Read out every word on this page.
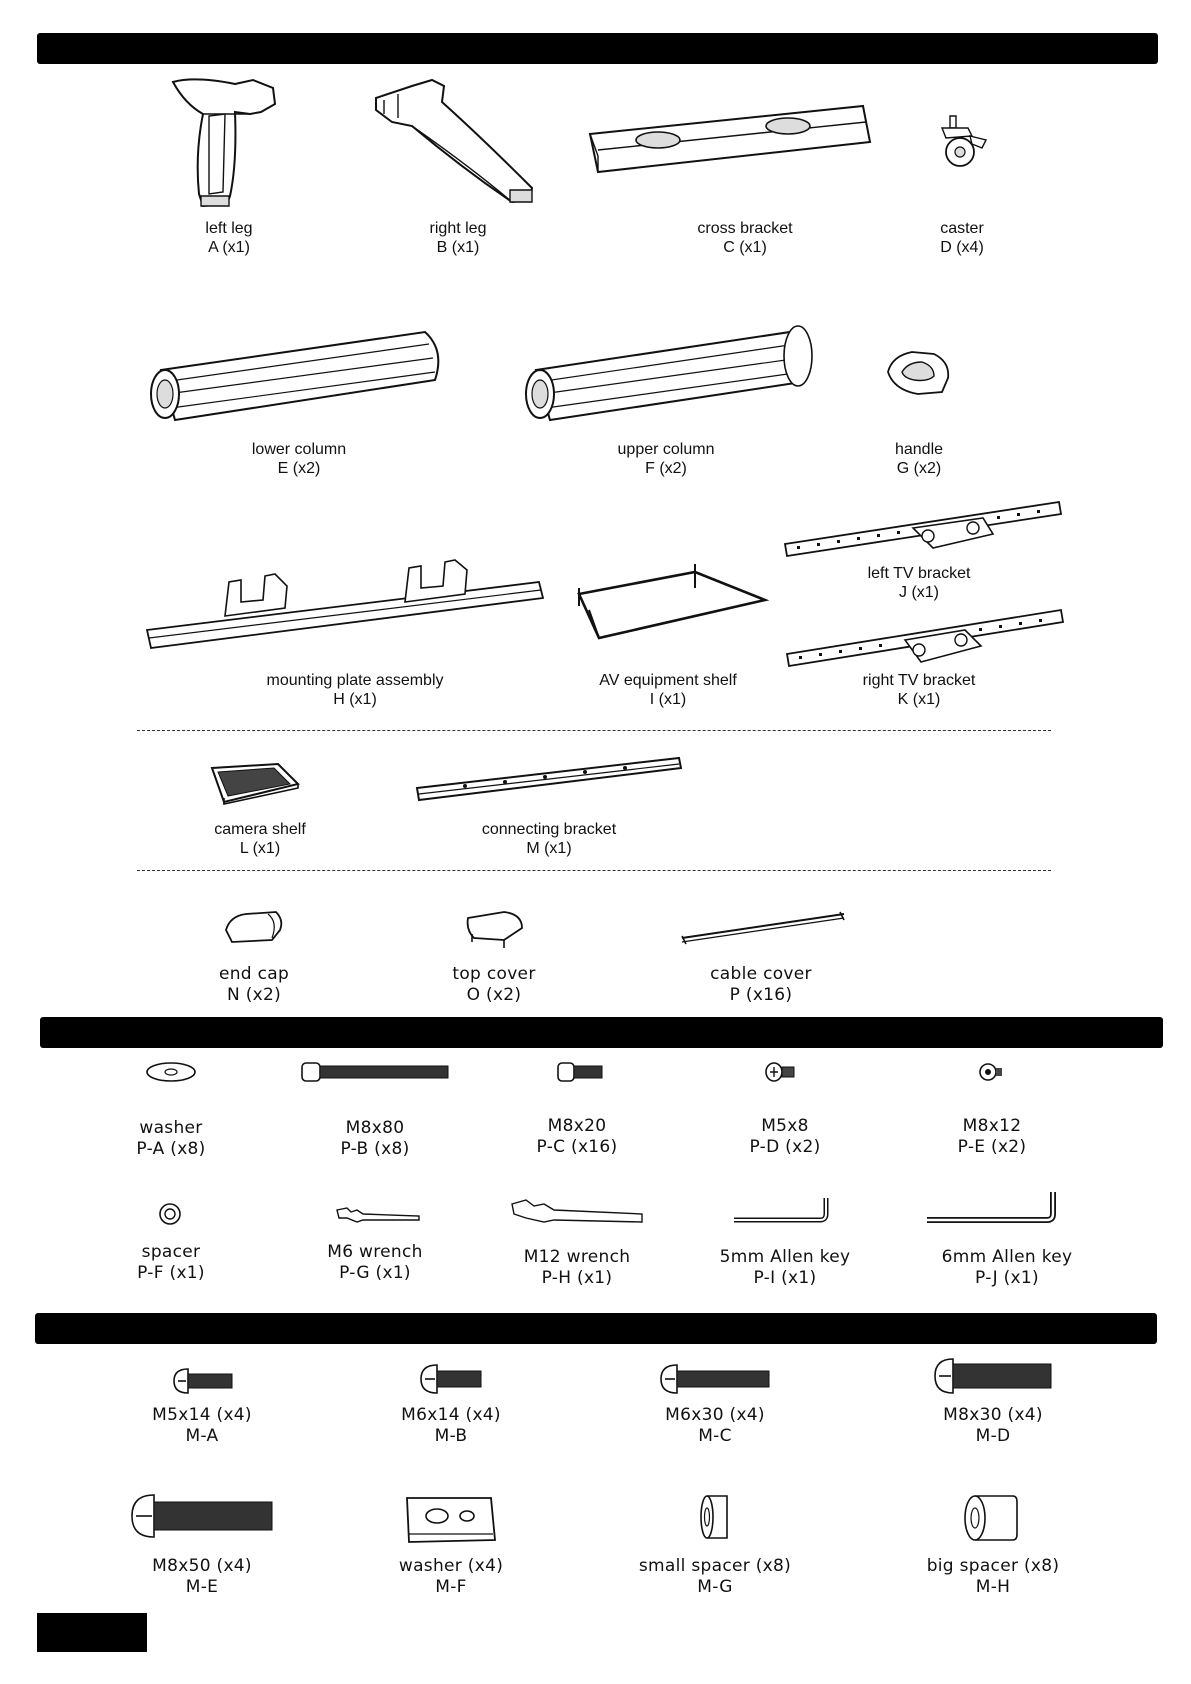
left leg
A (x1)
right leg
B (x1)
cross bracket
C (x1)
caster
D (x4)
lower column
E (x2)
upper column
F (x2)
handle
G (x2)
left TV bracket
J (x1)
mounting plate assembly
H (x1)
AV equipment shelf
I (x1)
right TV bracket
K (x1)
camera shelf
L (x1)
connecting bracket
M (x1)
end cap
N (x2)
top cover
O (x2)
cable cover
P (x16)
washer
P-A (x8)
M8x80
P-B (x8)
M8x20
P-C (x16)
M5x8
P-D (x2)
M8x12
P-E (x2)
spacer
P-F (x1)
M6 wrench
P-G (x1)
M12 wrench
P-H (x1)
5mm Allen key
P-I (x1)
6mm Allen key
P-J (x1)
M5x14 (x4)
M-A
M6x14 (x4)
M-B
M6x30 (x4)
M-C
M8x30 (x4)
M-D
M8x50 (x4)
M-E
washer (x4)
M-F
small spacer (x8)
M-G
big spacer (x8)
M-H
